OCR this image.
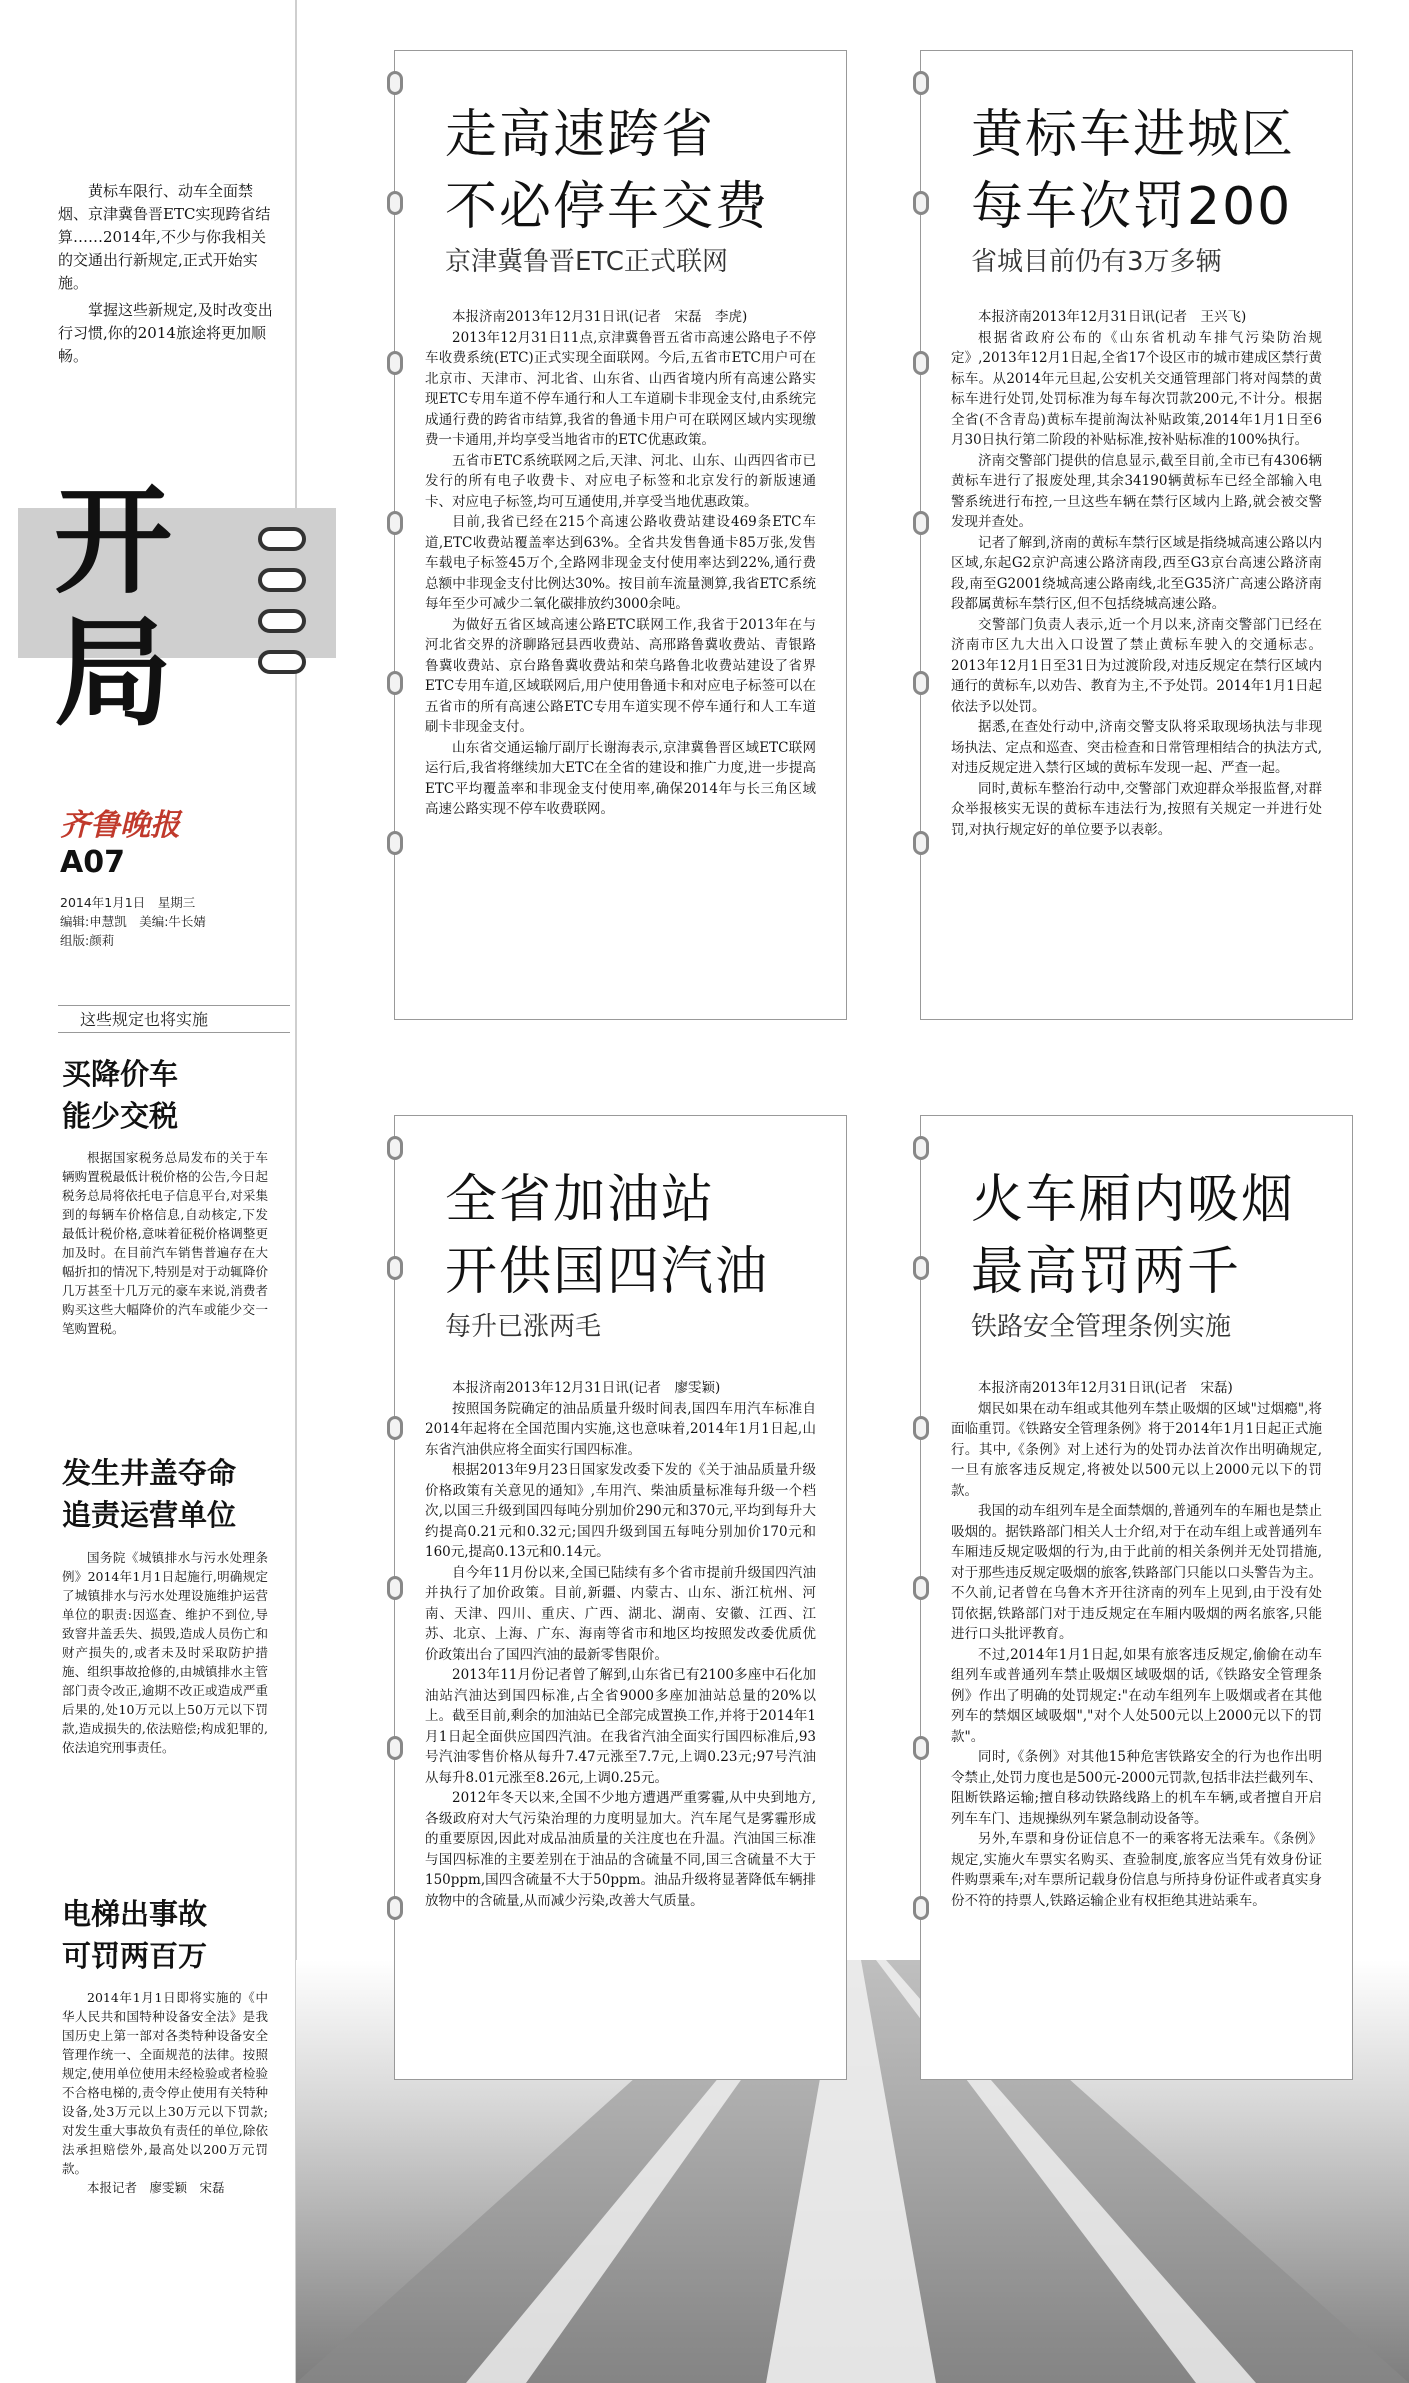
黄标车限行、动车全面禁烟、京津冀鲁晋ETC实现跨省结算……2014年,不少与你我相关的交通出行新规定,正式开始实施。

掌握这些新规定,及时改变出行习惯,你的2014旅途将更加顺畅。

开局
齐鲁晚报
A07
2014年1月1日　星期三
编辑:申慧凯　美编:牛长婧
组版:颜莉
这些规定也将实施
买降价车
能少交税

根据国家税务总局发布的关于车辆购置税最低计税价格的公告,今日起税务总局将依托电子信息平台,对采集到的每辆车价格信息,自动核定,下发最低计税价格,意味着征税价格调整更加及时。在目前汽车销售普遍存在大幅折扣的情况下,特别是对于动辄降价几万甚至十几万元的豪车来说,消费者购买这些大幅降价的汽车或能少交一笔购置税。

发生井盖夺命
追责运营单位

国务院《城镇排水与污水处理条例》2014年1月1日起施行,明确规定了城镇排水与污水处理设施维护运营单位的职责:因巡查、维护不到位,导致窨井盖丢失、损毁,造成人员伤亡和财产损失的,或者未及时采取防护措施、组织事故抢修的,由城镇排水主管部门责令改正,逾期不改正或造成严重后果的,处10万元以上50万元以下罚款,造成损失的,依法赔偿;构成犯罪的,依法追究刑事责任。

电梯出事故
可罚两百万

2014年1月1日即将实施的《中华人民共和国特种设备安全法》是我国历史上第一部对各类特种设备安全管理作统一、全面规范的法律。按照规定,使用单位使用未经检验或者检验不合格电梯的,责令停止使用有关特种设备,处3万元以上30万元以下罚款;对发生重大事故负有责任的单位,除依法承担赔偿外,最高处以200万元罚款。

本报记者　廖雯颖　宋磊

走高速跨省
不必停车交费
京津冀鲁晋ETC正式联网

本报济南2013年12月31日讯(记者　宋磊　李虎)

2013年12月31日11点,京津冀鲁晋五省市高速公路电子不停车收费系统(ETC)正式实现全面联网。今后,五省市ETC用户可在北京市、天津市、河北省、山东省、山西省境内所有高速公路实现ETC专用车道不停车通行和人工车道刷卡非现金支付,由系统完成通行费的跨省市结算,我省的鲁通卡用户可在联网区域内实现缴费一卡通用,并均享受当地省市的ETC优惠政策。

五省市ETC系统联网之后,天津、河北、山东、山西四省市已发行的所有电子收费卡、对应电子标签和北京发行的新版速通卡、对应电子标签,均可互通使用,并享受当地优惠政策。

目前,我省已经在215个高速公路收费站建设469条ETC车道,ETC收费站覆盖率达到63%。全省共发售鲁通卡85万张,发售车载电子标签45万个,全路网非现金支付使用率达到22%,通行费总额中非现金支付比例达30%。按目前车流量测算,我省ETC系统每年至少可减少二氧化碳排放约3000余吨。

为做好五省区域高速公路ETC联网工作,我省于2013年在与河北省交界的济聊路冠县西收费站、高邢路鲁冀收费站、青银路鲁冀收费站、京台路鲁冀收费站和荣乌路鲁北收费站建设了省界ETC专用车道,区域联网后,用户使用鲁通卡和对应电子标签可以在五省市的所有高速公路ETC专用车道实现不停车通行和人工车道刷卡非现金支付。

山东省交通运输厅副厅长谢海表示,京津冀鲁晋区域ETC联网运行后,我省将继续加大ETC在全省的建设和推广力度,进一步提高ETC平均覆盖率和非现金支付使用率,确保2014年与长三角区域高速公路实现不停车收费联网。

黄标车进城区
每车次罚200
省城目前仍有3万多辆

本报济南2013年12月31日讯(记者　王兴飞)

根据省政府公布的《山东省机动车排气污染防治规定》,2013年12月1日起,全省17个设区市的城市建成区禁行黄标车。从2014年元旦起,公安机关交通管理部门将对闯禁的黄标车进行处罚,处罚标准为每车每次罚款200元,不计分。根据全省(不含青岛)黄标车提前淘汰补贴政策,2014年1月1日至6月30日执行第二阶段的补贴标准,按补贴标准的100%执行。

济南交警部门提供的信息显示,截至目前,全市已有4306辆黄标车进行了报废处理,其余34190辆黄标车已经全部输入电警系统进行布控,一旦这些车辆在禁行区域内上路,就会被交警发现并查处。

记者了解到,济南的黄标车禁行区域是指绕城高速公路以内区域,东起G2京沪高速公路济南段,西至G3京台高速公路济南段,南至G2001绕城高速公路南线,北至G35济广高速公路济南段都属黄标车禁行区,但不包括绕城高速公路。

交警部门负责人表示,近一个月以来,济南交警部门已经在济南市区九大出入口设置了禁止黄标车驶入的交通标志。2013年12月1日至31日为过渡阶段,对违反规定在禁行区域内通行的黄标车,以劝告、教育为主,不予处罚。2014年1月1日起依法予以处罚。

据悉,在查处行动中,济南交警支队将采取现场执法与非现场执法、定点和巡查、突击检查和日常管理相结合的执法方式,对违反规定进入禁行区域的黄标车发现一起、严查一起。

同时,黄标车整治行动中,交警部门欢迎群众举报监督,对群众举报核实无误的黄标车违法行为,按照有关规定一并进行处罚,对执行规定好的单位要予以表彰。

全省加油站
开供国四汽油
每升已涨两毛

本报济南2013年12月31日讯(记者　廖雯颖)

按照国务院确定的油品质量升级时间表,国四车用汽车标准自2014年起将在全国范围内实施,这也意味着,2014年1月1日起,山东省汽油供应将全面实行国四标准。

根据2013年9月23日国家发改委下发的《关于油品质量升级价格政策有关意见的通知》,车用汽、柴油质量标准每升级一个档次,以国三升级到国四每吨分别加价290元和370元,平均到每升大约提高0.21元和0.32元;国四升级到国五每吨分别加价170元和160元,提高0.13元和0.14元。

自今年11月份以来,全国已陆续有多个省市提前升级国四汽油并执行了加价政策。目前,新疆、内蒙古、山东、浙江杭州、河南、天津、四川、重庆、广西、湖北、湖南、安徽、江西、江苏、北京、上海、广东、海南等省市和地区均按照发改委优质优价政策出台了国四汽油的最新零售限价。

2013年11月份记者曾了解到,山东省已有2100多座中石化加油站汽油达到国四标准,占全省9000多座加油站总量的20%以上。截至目前,剩余的加油站已全部完成置换工作,并将于2014年1月1日起全面供应国四汽油。在我省汽油全面实行国四标准后,93号汽油零售价格从每升7.47元涨至7.7元,上调0.23元;97号汽油从每升8.01元涨至8.26元,上调0.25元。

2012年冬天以来,全国不少地方遭遇严重雾霾,从中央到地方,各级政府对大气污染治理的力度明显加大。汽车尾气是雾霾形成的重要原因,因此对成品油质量的关注度也在升温。汽油国三标准与国四标准的主要差别在于油品的含硫量不同,国三含硫量不大于150ppm,国四含硫量不大于50ppm。油品升级将显著降低车辆排放物中的含硫量,从而减少污染,改善大气质量。

火车厢内吸烟
最高罚两千
铁路安全管理条例实施

本报济南2013年12月31日讯(记者　宋磊)

烟民如果在动车组或其他列车禁止吸烟的区域"过烟瘾",将面临重罚。《铁路安全管理条例》将于2014年1月1日起正式施行。其中,《条例》对上述行为的处罚办法首次作出明确规定,一旦有旅客违反规定,将被处以500元以上2000元以下的罚款。

我国的动车组列车是全面禁烟的,普通列车的车厢也是禁止吸烟的。据铁路部门相关人士介绍,对于在动车组上或普通列车车厢违反规定吸烟的行为,由于此前的相关条例并无处罚措施,对于那些违反规定吸烟的旅客,铁路部门只能以口头警告为主。不久前,记者曾在乌鲁木齐开往济南的列车上见到,由于没有处罚依据,铁路部门对于违反规定在车厢内吸烟的两名旅客,只能进行口头批评教育。

不过,2014年1月1日起,如果有旅客违反规定,偷偷在动车组列车或普通列车禁止吸烟区域吸烟的话,《铁路安全管理条例》作出了明确的处罚规定:"在动车组列车上吸烟或者在其他列车的禁烟区域吸烟","对个人处500元以上2000元以下的罚款"。

同时,《条例》对其他15种危害铁路安全的行为也作出明令禁止,处罚力度也是500元-2000元罚款,包括非法拦截列车、阻断铁路运输;擅自移动铁路线路上的机车车辆,或者擅自开启列车车门、违规操纵列车紧急制动设备等。

另外,车票和身份证信息不一的乘客将无法乘车。《条例》规定,实施火车票实名购买、查验制度,旅客应当凭有效身份证件购票乘车;对车票所记载身份信息与所持身份证件或者真实身份不符的持票人,铁路运输企业有权拒绝其进站乘车。
